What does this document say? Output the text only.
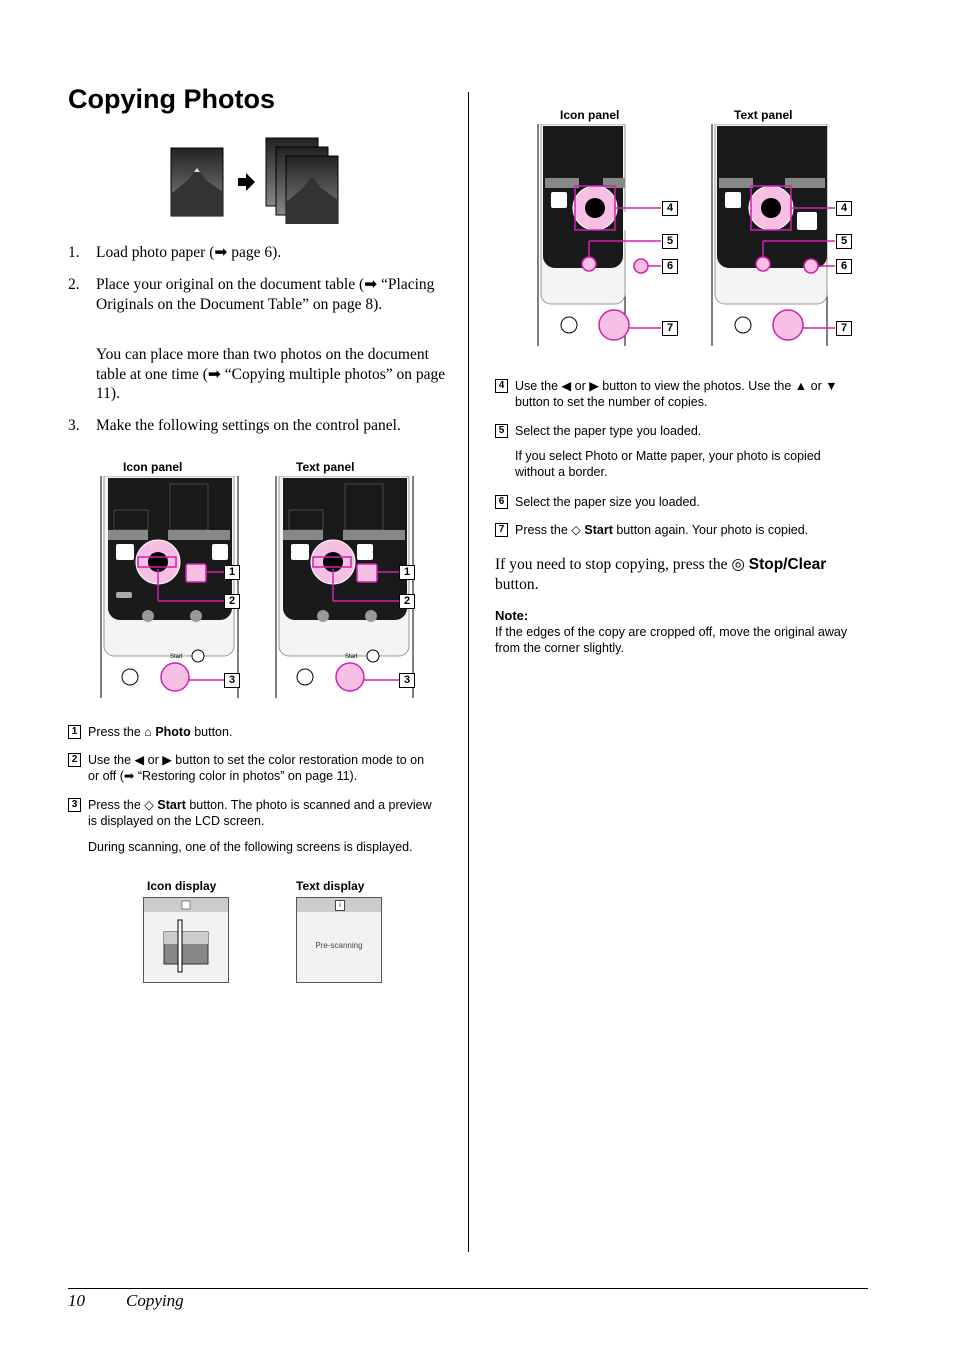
Copying Photos
1. Load photo paper (➡ page 6).
2. Place your original on the document table (➡ “Placing Originals on the Document Table” on page 8).
You can place more than two photos on the document table at one time (➡ “Copying multiple photos” on page 11).
3. Make the following settings on the control panel.
Icon panel	Text panel
Icon panel	Text panel
Start
1
2
3
Start
1
2
3
1 Press the ⌂ Photo button.
2 Use the ◀ or ▶ button to set the color restoration mode to on or off (➡ “Restoring color in photos” on page 11).
3 Press the ◇ Start button. The photo is scanned and a preview is displayed on the LCD screen.
During scanning, one of the following screens is displayed.
Icon display	Text display
i
Pre-scanning
4
5
6
7
4
5
6
7
4 Use the ◀ or ▶ button to view the photos. Use the ▲ or ▼ button to set the number of copies.
5 Select the paper type you loaded.
If you select Photo or Matte paper, your photo is copied without a border.
6 Select the paper size you loaded.
7 Press the ◇ Start button again. Your photo is copied.
If you need to stop copying, press the ◎ Stop/Clear button.
Note:
If the edges of the copy are cropped off, move the original away from the corner slightly.
10 Copying
